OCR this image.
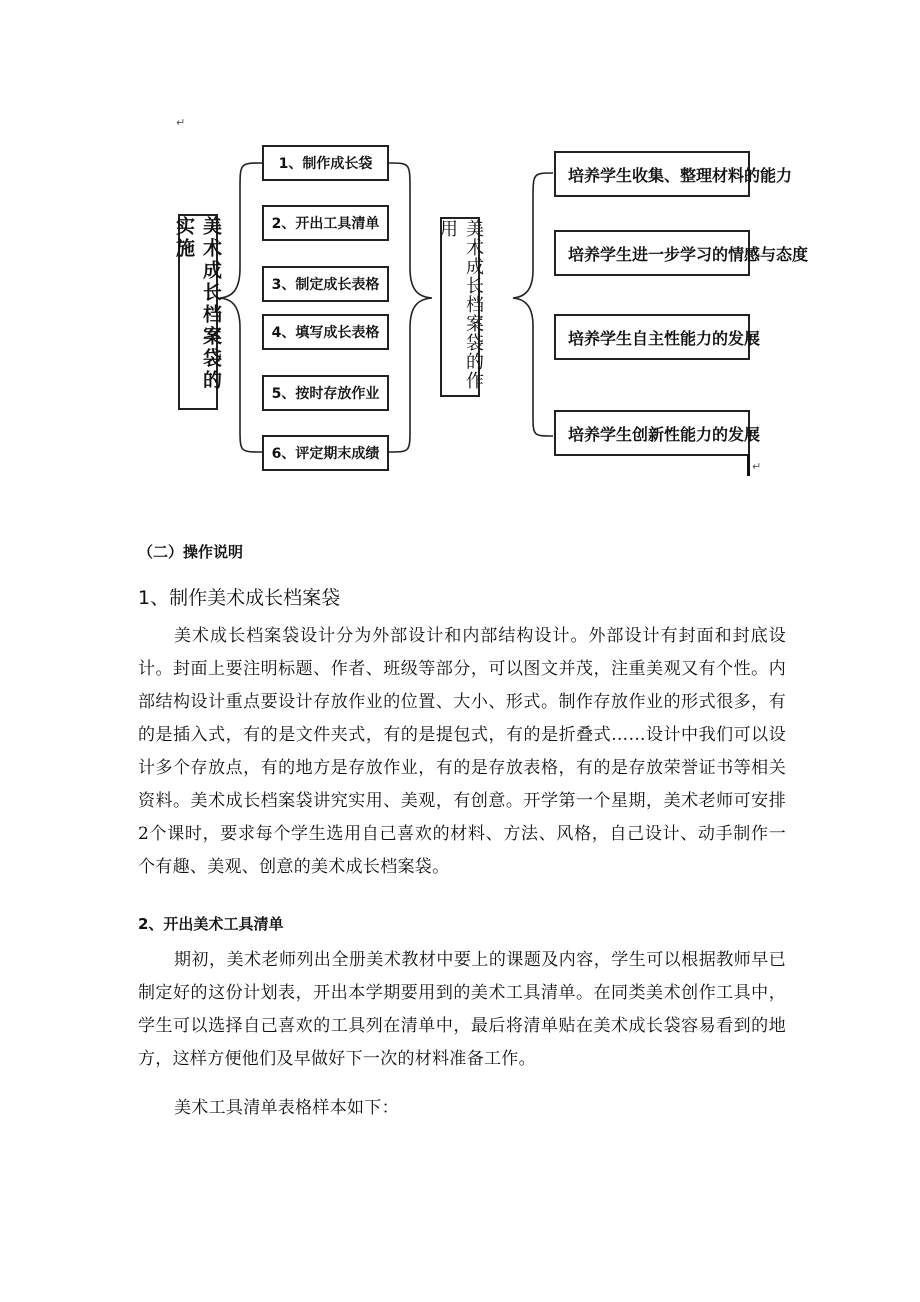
↵
美术成长档案袋的实施
1、制作成长袋
2、开出工具清单
3、制定成长表格
4、填写成长表格
5、按时存放作业
6、评定期末成绩
美术成长档案袋的作用
培养学生收集、整理材料的能力
培养学生进一步学习的情感与态度
培养学生自主性能力的发展
培养学生创新性能力的发展
↵
（二）操作说明
1、制作美术成长档案袋
美术成长档案袋设计分为外部设计和内部结构设计。外部设计有封面和封底设计。封面上要注明标题、作者、班级等部分，可以图文并茂，注重美观又有个性。内部结构设计重点要设计存放作业的位置、大小、形式。制作存放作业的形式很多，有的是插入式，有的是文件夹式，有的是提包式，有的是折叠式……设计中我们可以设计多个存放点，有的地方是存放作业，有的是存放表格，有的是存放荣誉证书等相关资料。美术成长档案袋讲究实用、美观，有创意。开学第一个星期，美术老师可安排2个课时，要求每个学生选用自己喜欢的材料、方法、风格，自己设计、动手制作一个有趣、美观、创意的美术成长档案袋。
2、开出美术工具清单
期初，美术老师列出全册美术教材中要上的课题及内容，学生可以根据教师早已制定好的这份计划表，开出本学期要用到的美术工具清单。在同类美术创作工具中，学生可以选择自己喜欢的工具列在清单中，最后将清单贴在美术成长袋容易看到的地方，这样方便他们及早做好下一次的材料准备工作。
美术工具清单表格样本如下：
